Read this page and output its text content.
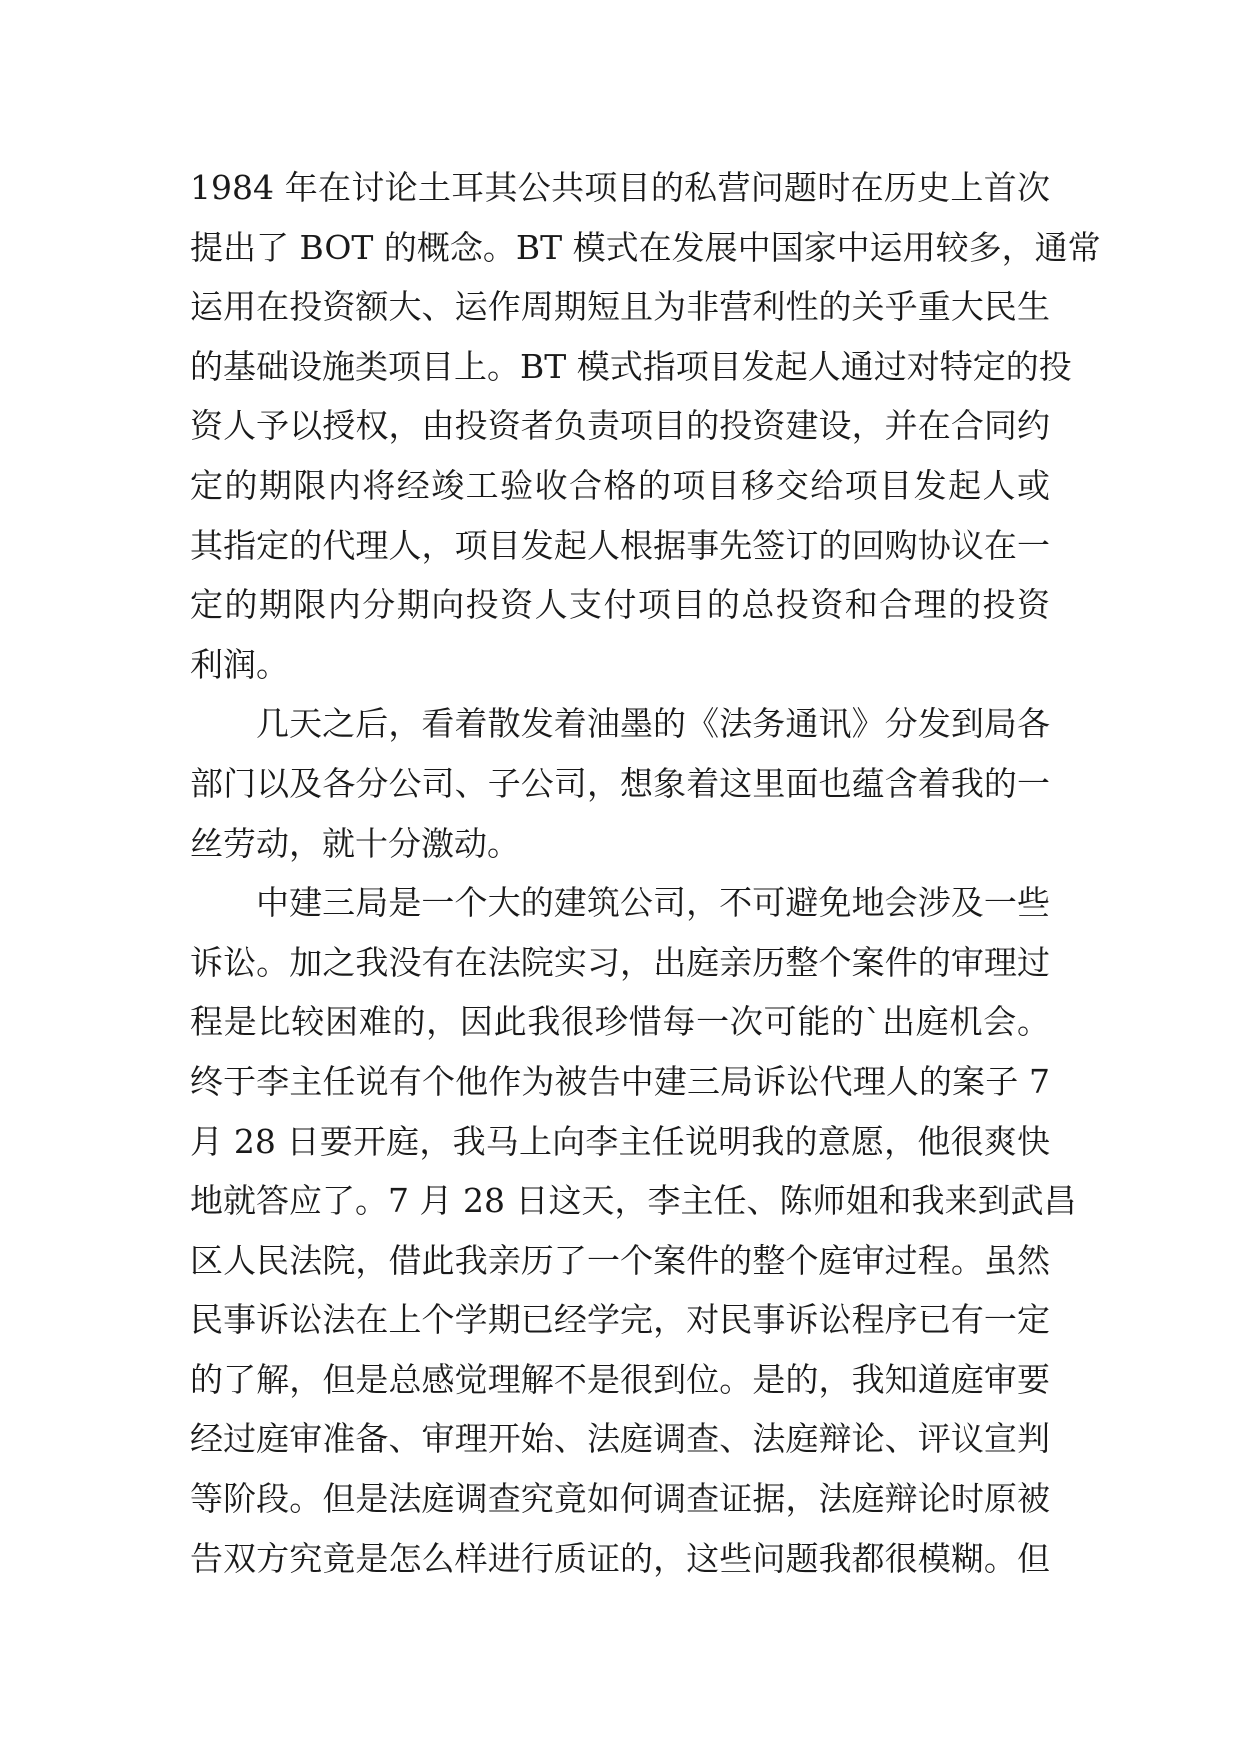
1984 年在讨论土耳其公共项目的私营问题时在历史上首次
提出了 BOT 的概念。BT 模式在发展中国家中运用较多，通常
运用在投资额大、运作周期短且为非营利性的关乎重大民生
的基础设施类项目上。BT 模式指项目发起人通过对特定的投
资人予以授权，由投资者负责项目的投资建设，并在合同约
定的期限内将经竣工验收合格的项目移交给项目发起人或
其指定的代理人，项目发起人根据事先签订的回购协议在一
定的期限内分期向投资人支付项目的总投资和合理的投资
利润。
几天之后，看着散发着油墨的《法务通讯》分发到局各
部门以及各分公司、子公司，想象着这里面也蕴含着我的一
丝劳动，就十分激动。
中建三局是一个大的建筑公司，不可避免地会涉及一些
诉讼。加之我没有在法院实习，出庭亲历整个案件的审理过
程是比较困难的，因此我很珍惜每一次可能的`出庭机会。
终于李主任说有个他作为被告中建三局诉讼代理人的案子 7
月 28 日要开庭，我马上向李主任说明我的意愿，他很爽快
地就答应了。7 月 28 日这天，李主任、陈师姐和我来到武昌
区人民法院，借此我亲历了一个案件的整个庭审过程。虽然
民事诉讼法在上个学期已经学完，对民事诉讼程序已有一定
的了解，但是总感觉理解不是很到位。是的，我知道庭审要
经过庭审准备、审理开始、法庭调查、法庭辩论、评议宣判
等阶段。但是法庭调查究竟如何调查证据，法庭辩论时原被
告双方究竟是怎么样进行质证的，这些问题我都很模糊。但
